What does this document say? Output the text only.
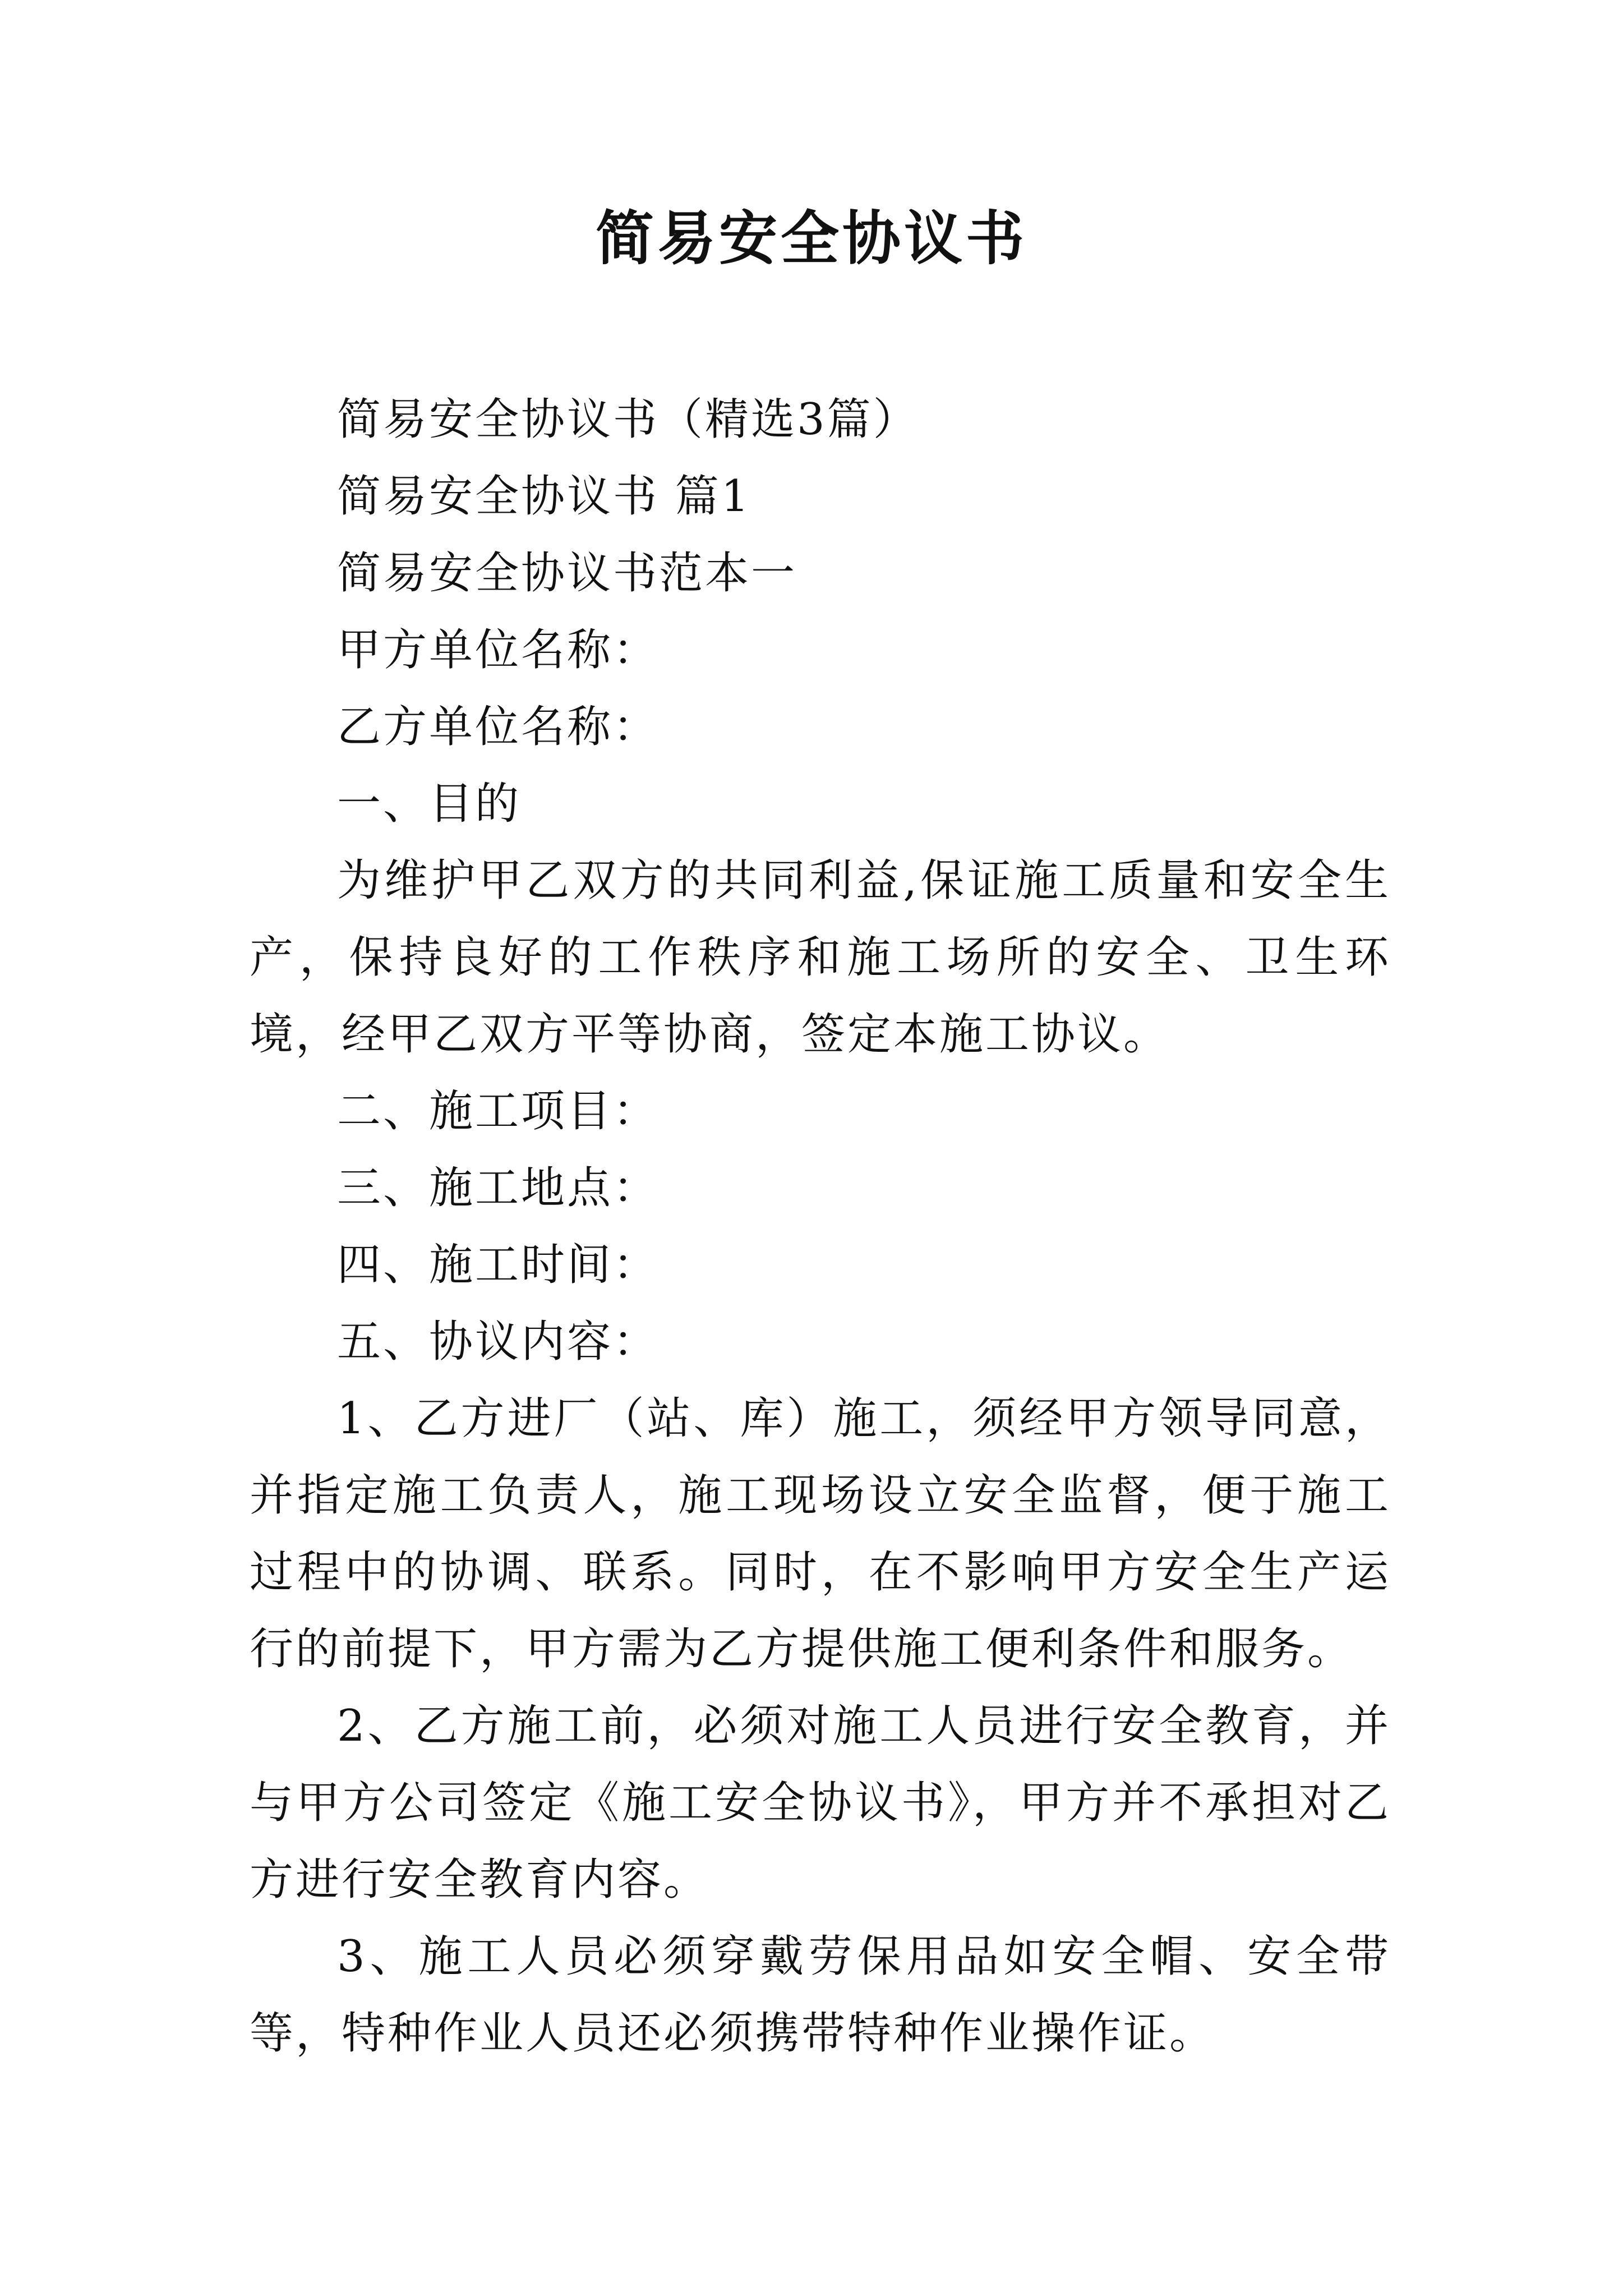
简易安全协议书

简易安全协议书（精选3篇）

简易安全协议书 篇1

简易安全协议书范本一

甲方单位名称：

乙方单位名称：

一、目的

为维护甲乙双方的共同利益,保证施工质量和安全生产，保持良好的工作秩序和施工场所的安全、卫生环境，经甲乙双方平等协商，签定本施工协议。

二、施工项目：

三、施工地点：

四、施工时间：

五、协议内容：

1、乙方进厂（站、库）施工，须经甲方领导同意，并指定施工负责人，施工现场设立安全监督，便于施工过程中的协调、联系。同时，在不影响甲方安全生产运行的前提下，甲方需为乙方提供施工便利条件和服务。

2、乙方施工前，必须对施工人员进行安全教育，并与甲方公司签定《施工安全协议书》，甲方并不承担对乙方进行安全教育内容。

3、施工人员必须穿戴劳保用品如安全帽、安全带等，特种作业人员还必须携带特种作业操作证。
